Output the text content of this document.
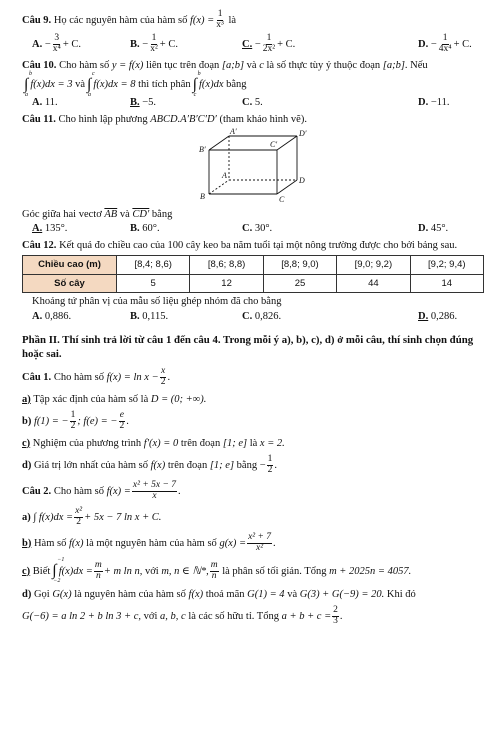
Câu 9.
Họ các nguyên hàm của hàm số
$f(x) = \frac{1}{\text{x³}}$
là
A.
− $\frac{3}{\text{x⁴}} + C$.	B.
− $\frac{1}{\text{x²}} + C$.	C.
− $\frac{1}{\text{2x²}} + C$.	D.
− $\frac{1}{\text{4x⁴}} + C$.
Câu 10. Cho hàm số y = f(x) liên tục trên đoạn [a;b] và c là số thực tùy ý thuộc đoạn [a;b]. Nếu
∫
b
a
f(x)dx = 3
và ∫
c
a
f(x)dx = 8
thì tích phân ∫
b
c
f(x)dx
bằng
A.
11.	B.
−5.	C.
5.	D.
−11.
Câu 11. Cho hình lập phương ABCD.A′B′C′D′ (tham khảo hình vẽ).
A′	D′
B′
C′
A
D
B	C
Góc giữa hai vectơ $\overline{AB}$ và CD′ bằng
A.
135°.	B.
60°.	C.
30°.	D.
45°.
Câu 12. Kết quả đo chiều cao của 100 cây keo ba năm tuổi tại một nông trường được cho bởi bảng sau.
Chiều cao (m)	[8,4; 8,6)	[8,6; 8,8)	[8,8; 9,0)	[9,0; 9,2)	[9,2; 9,4)
Số cây	5	12	25	44	14
Khoảng tứ phân vị của mẫu số liệu ghép nhóm đã cho bằng
A.
0,886.	B.
0,115.	C.
0,826.	D.
0,286.
Phần II. Thí sinh trả lời từ câu 1 đến câu 4. Trong mỗi ý a), b), c), d) ở mỗi câu, thí sinh chọn đúng hoặc sai.
Câu 1.
Cho hàm số
$f(x) = \ln x - \frac{x}{2}$ .
a)
Tập xác định của hàm số là
D = (0; +∞).
b)
f(1) = − $\frac{1}{2}$ ; f(e) = − $\frac{e}{2}$ .
c)
Nghiệm của phương trình
f′(x) = 0
trên đoạn
[1; e]
là
x = 2.
d)
Giá trị lớn nhất của hàm số
f(x)
trên đoạn
[1; e]
bằng − $\frac{1}{2}$ .
Câu 2.
Cho hàm số
$f(x) = \frac{\text{x² + 5x − 7}}{x}$ .
a)
∫ $f(x)dx = \frac{\text{x²}}{2} + 5x - 7$ ln x + C.
b)
Hàm số
f(x)
là một nguyên hàm của hàm số
$g(x) = \frac{\text{x² + 7}}{\text{x²}}$ .
c)
Biết ∫
−1
−2
$f(x)dx = \frac{m}{n} + m$ ln n,
với
m, n ∈ ℕ*, $\frac{m}{n}$
là phân số tối giản. Tổng
m + 2025n = 4057.
d) Gọi G(x) là nguyên hàm của hàm số f(x) thoả mãn G(1) = 4 và G(3) + G(−9) = 20. Khi đó
G(−6) = a ln 2 + b ln 3 + c,
với
a, b, c
là các số hữu tỉ. Tổng
$a + b + c = \frac{2}{3}$ .
